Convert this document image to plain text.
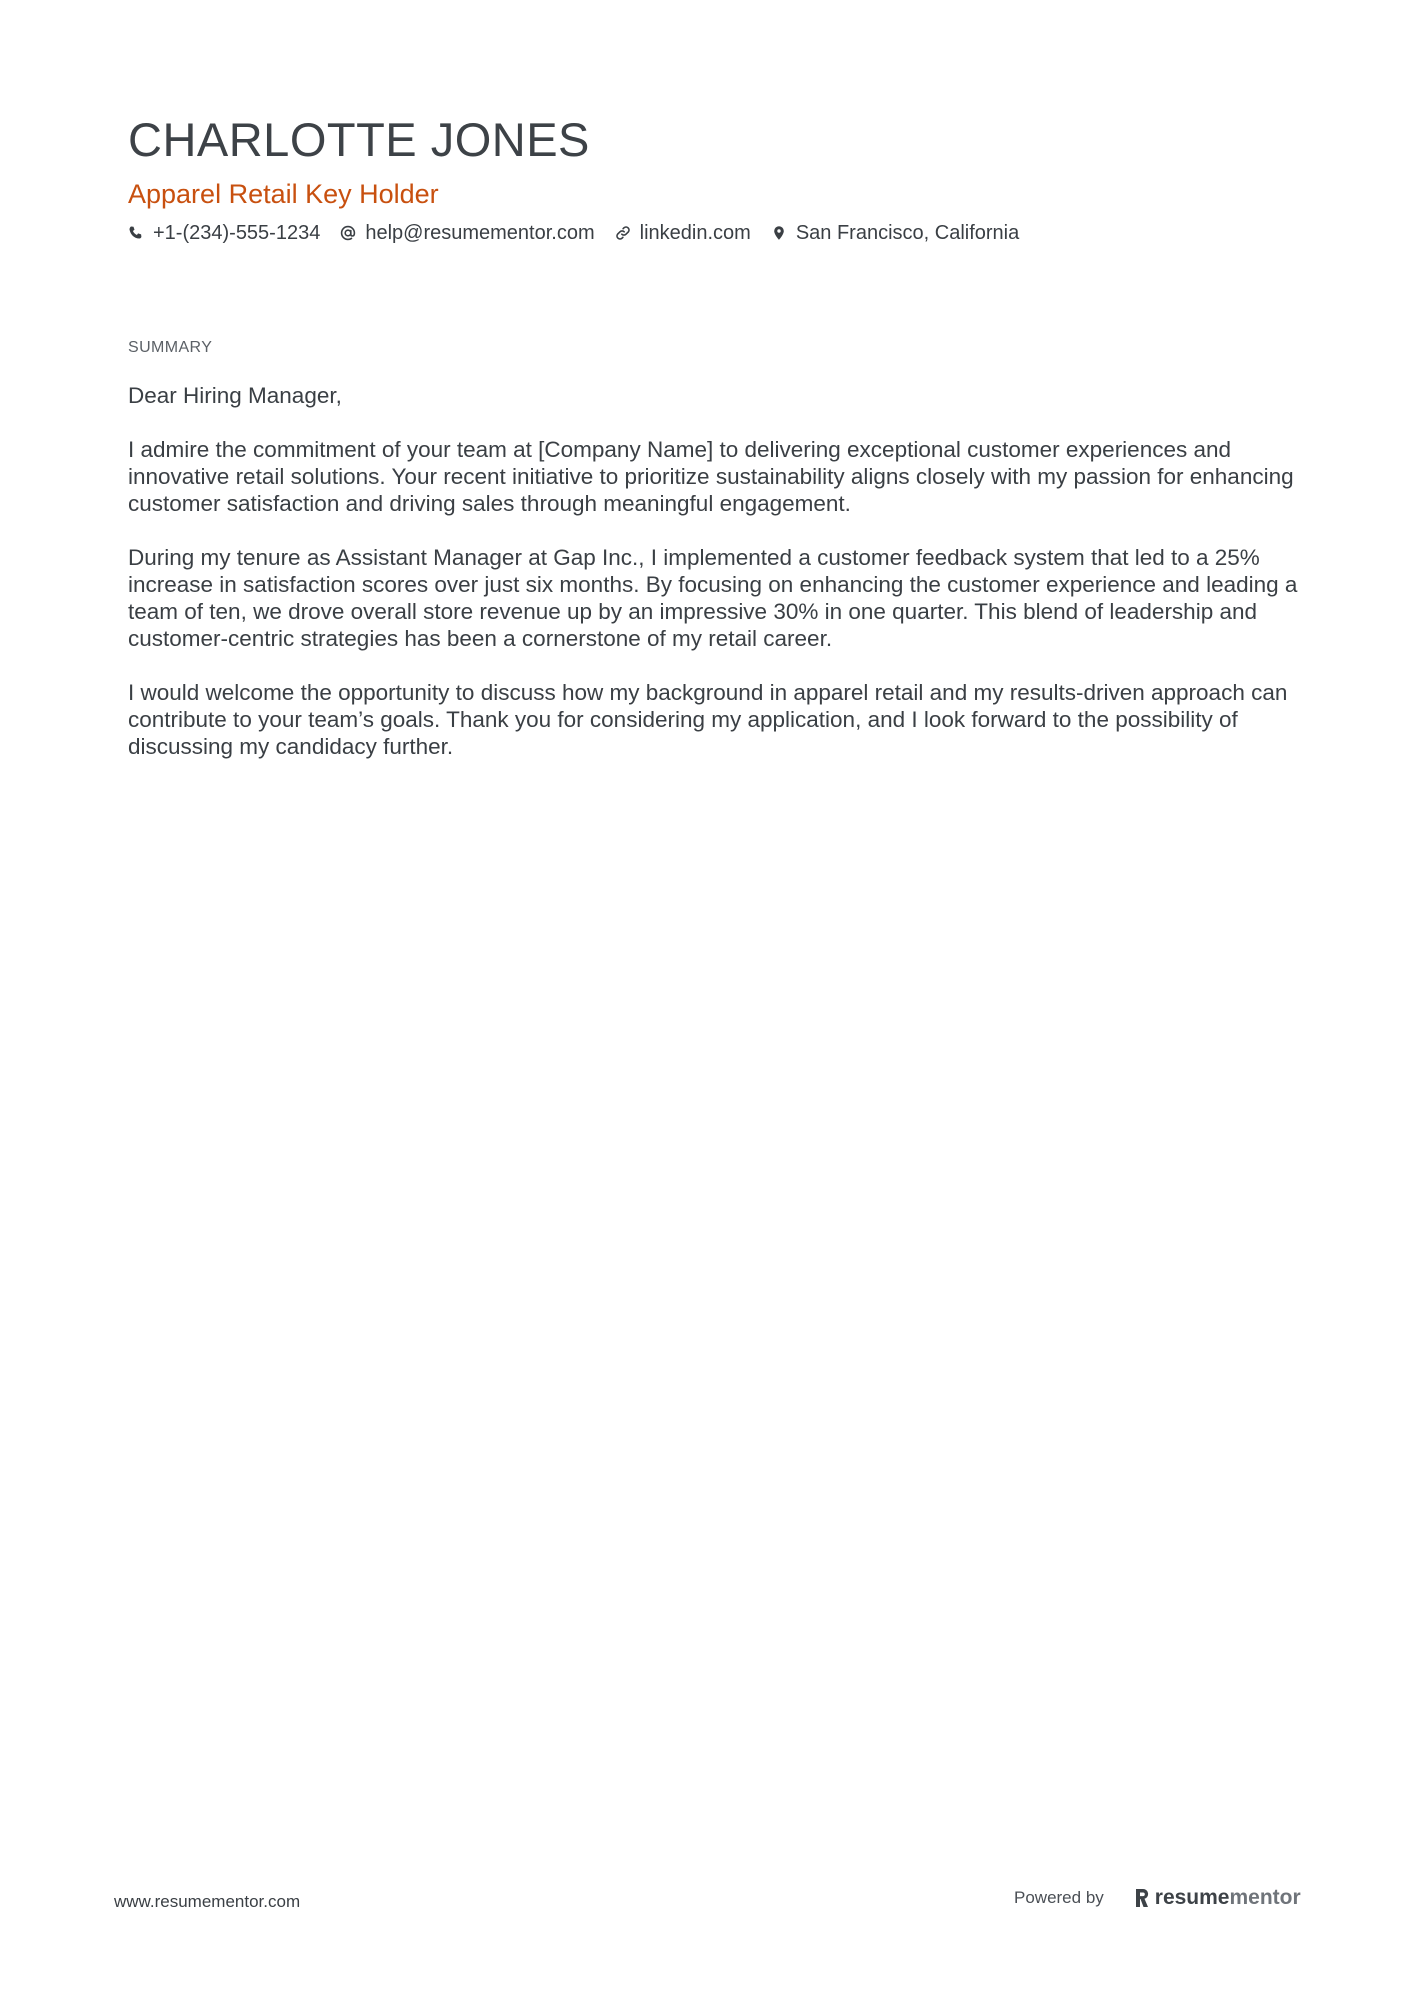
CHARLOTTE JONES
Apparel Retail Key Holder
+1-(234)-555-1234 help@resumementor.com linkedin.com San Francisco, California
SUMMARY

Dear Hiring Manager,

I admire the commitment of your team at [Company Name] to delivering exceptional customer experiences and innovative retail solutions. Your recent initiative to prioritize sustainability aligns closely with my passion for enhancing customer satisfaction and driving sales through meaningful engagement.

During my tenure as Assistant Manager at Gap Inc., I implemented a customer feedback system that led to a 25% increase in satisfaction scores over just six months. By focusing on enhancing the customer experience and leading a team of ten, we drove overall store revenue up by an impressive 30% in one quarter. This blend of leadership and customer-centric strategies has been a cornerstone of my retail career.

I would welcome the opportunity to discuss how my background in apparel retail and my results-driven approach can contribute to your team’s goals. Thank you for considering my application, and I look forward to the possibility of discussing my candidacy further.

www.resumementor.com	Powered by resume mentor
